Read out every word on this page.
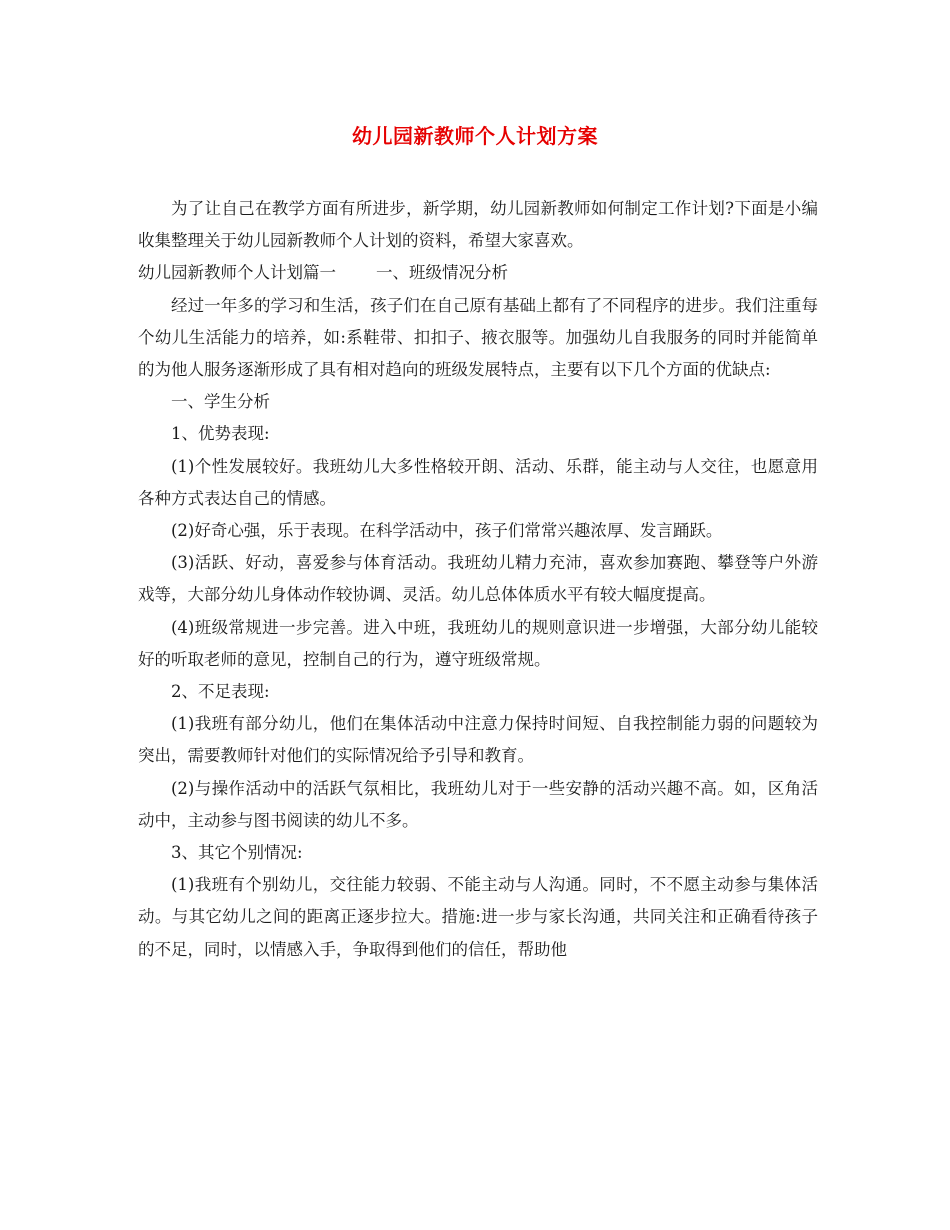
幼儿园新教师个人计划方案

为了让自己在教学方面有所进步，新学期，幼儿园新教师如何制定工作计划?下面是小编收集整理关于幼儿园新教师个人计划的资料，希望大家喜欢。

幼儿园新教师个人计划篇一 一、班级情况分析

经过一年多的学习和生活，孩子们在自己原有基础上都有了不同程序的进步。我们注重每个幼儿生活能力的培养，如:系鞋带、扣扣子、掖衣服等。加强幼儿自我服务的同时并能简单的为他人服务逐渐形成了具有相对趋向的班级发展特点，主要有以下几个方面的优缺点:

一、学生分析

1、优势表现:

(1)个性发展较好。我班幼儿大多性格较开朗、活动、乐群，能主动与人交往，也愿意用各种方式表达自己的情感。

(2)好奇心强，乐于表现。在科学活动中，孩子们常常兴趣浓厚、发言踊跃。

(3)活跃、好动，喜爱参与体育活动。我班幼儿精力充沛，喜欢参加赛跑、攀登等户外游戏等，大部分幼儿身体动作较协调、灵活。幼儿总体体质水平有较大幅度提高。

(4)班级常规进一步完善。进入中班，我班幼儿的规则意识进一步增强，大部分幼儿能较好的听取老师的意见，控制自己的行为，遵守班级常规。

2、不足表现:

(1)我班有部分幼儿，他们在集体活动中注意力保持时间短、自我控制能力弱的问题较为突出，需要教师针对他们的实际情况给予引导和教育。

(2)与操作活动中的活跃气氛相比，我班幼儿对于一些安静的活动兴趣不高。如，区角活动中，主动参与图书阅读的幼儿不多。

3、其它个别情况:

(1)我班有个别幼儿，交往能力较弱、不能主动与人沟通。同时，不不愿主动参与集体活动。与其它幼儿之间的距离正逐步拉大。措施:进一步与家长沟通，共同关注和正确看待孩子的不足，同时，以情感入手，争取得到他们的信任，帮助他
